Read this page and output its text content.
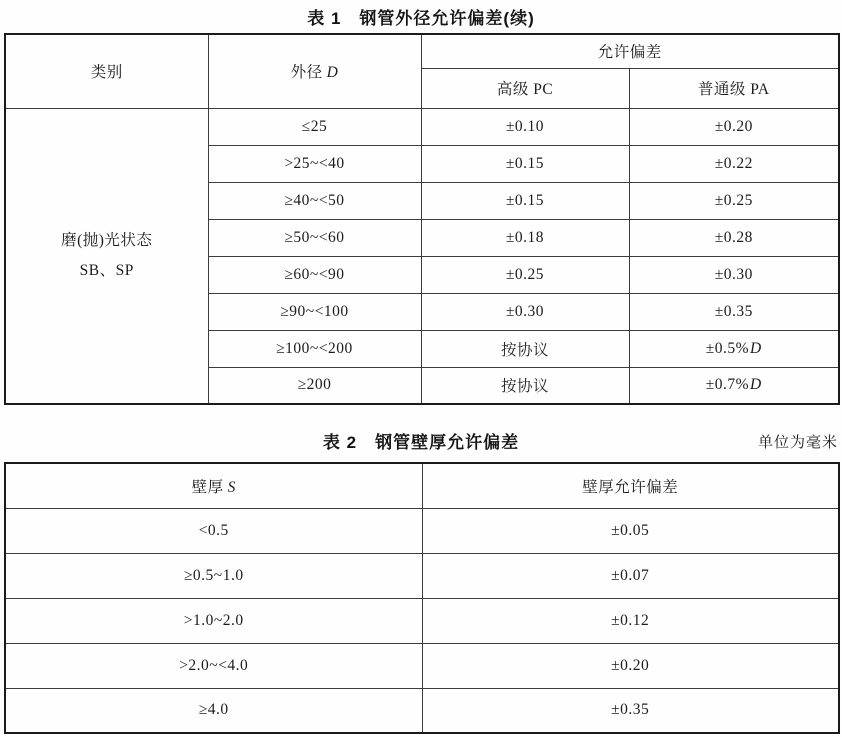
表 1　钢管外径允许偏差(续)
类别	外径 D	允许偏差	
		高级 PC	普通级 PA

磨(抛)光状态
SB、SP	≤25	±0.10	±0.20
	>25~<40	±0.15	±0.22
	≥40~<50	±0.15	±0.25
	≥50~<60	±0.18	±0.28
	≥60~<90	±0.25	±0.30
	≥90~<100	±0.30	±0.35
	≥100~<200	按协议	±0.5%D
	≥200	按协议	±0.7%D
表 2　钢管壁厚允许偏差	单位为毫米
壁厚 S	壁厚允许偏差
<0.5	±0.05
≥0.5~1.0	±0.07
>1.0~2.0	±0.12
>2.0~<4.0	±0.20
≥4.0	±0.35
